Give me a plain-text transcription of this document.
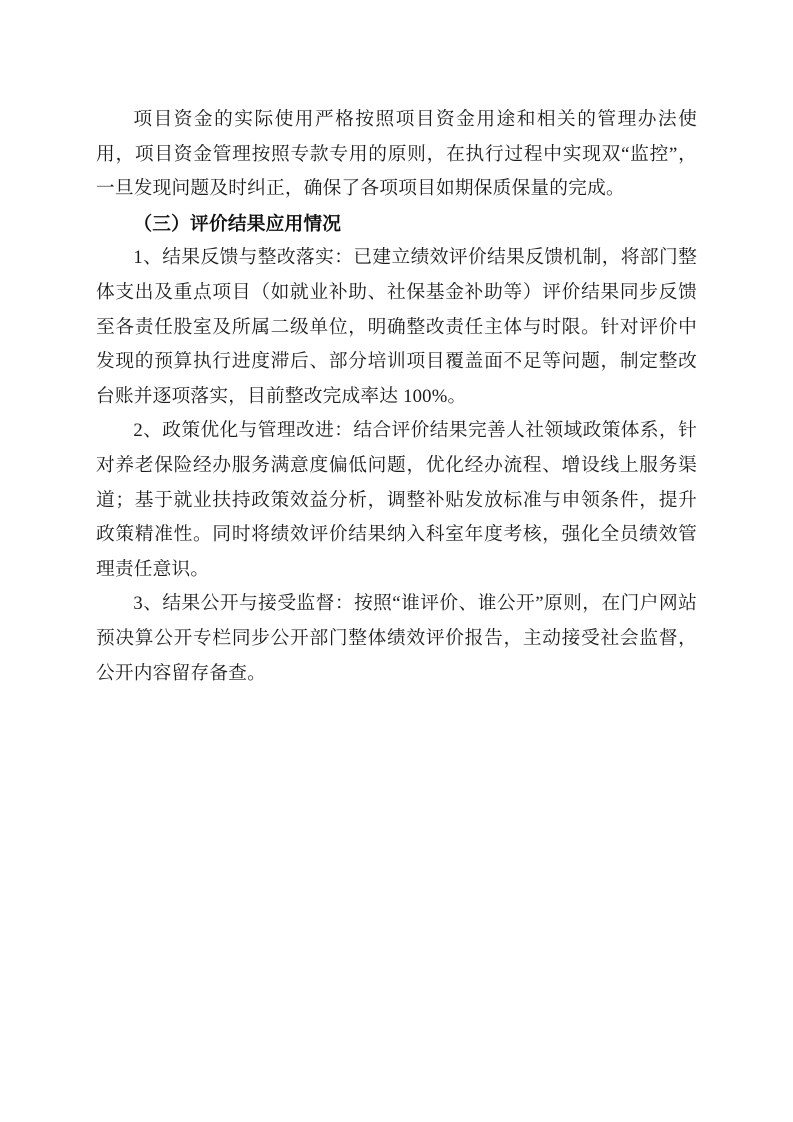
项目资金的实际使用严格按照项目资金用途和相关的管理办法使用，项目资金管理按照专款专用的原则，在执行过程中实现双“监控”，一旦发现问题及时纠正，确保了各项项目如期保质保量的完成。

（三）评价结果应用情况

1、结果反馈与整改落实：已建立绩效评价结果反馈机制，将部门整体支出及重点项目（如就业补助、社保基金补助等）评价结果同步反馈至各责任股室及所属二级单位，明确整改责任主体与时限。针对评价中发现的预算执行进度滞后、部分培训项目覆盖面不足等问题，制定整改台账并逐项落实，目前整改完成率达 100%。

2、政策优化与管理改进：结合评价结果完善人社领域政策体系，针对养老保险经办服务满意度偏低问题，优化经办流程、增设线上服务渠道；基于就业扶持政策效益分析，调整补贴发放标准与申领条件，提升政策精准性。同时将绩效评价结果纳入科室年度考核，强化全员绩效管理责任意识。

3、结果公开与接受监督：按照“谁评价、谁公开”原则，在门户网站预决算公开专栏同步公开部门整体绩效评价报告，主动接受社会监督，公开内容留存备查。
